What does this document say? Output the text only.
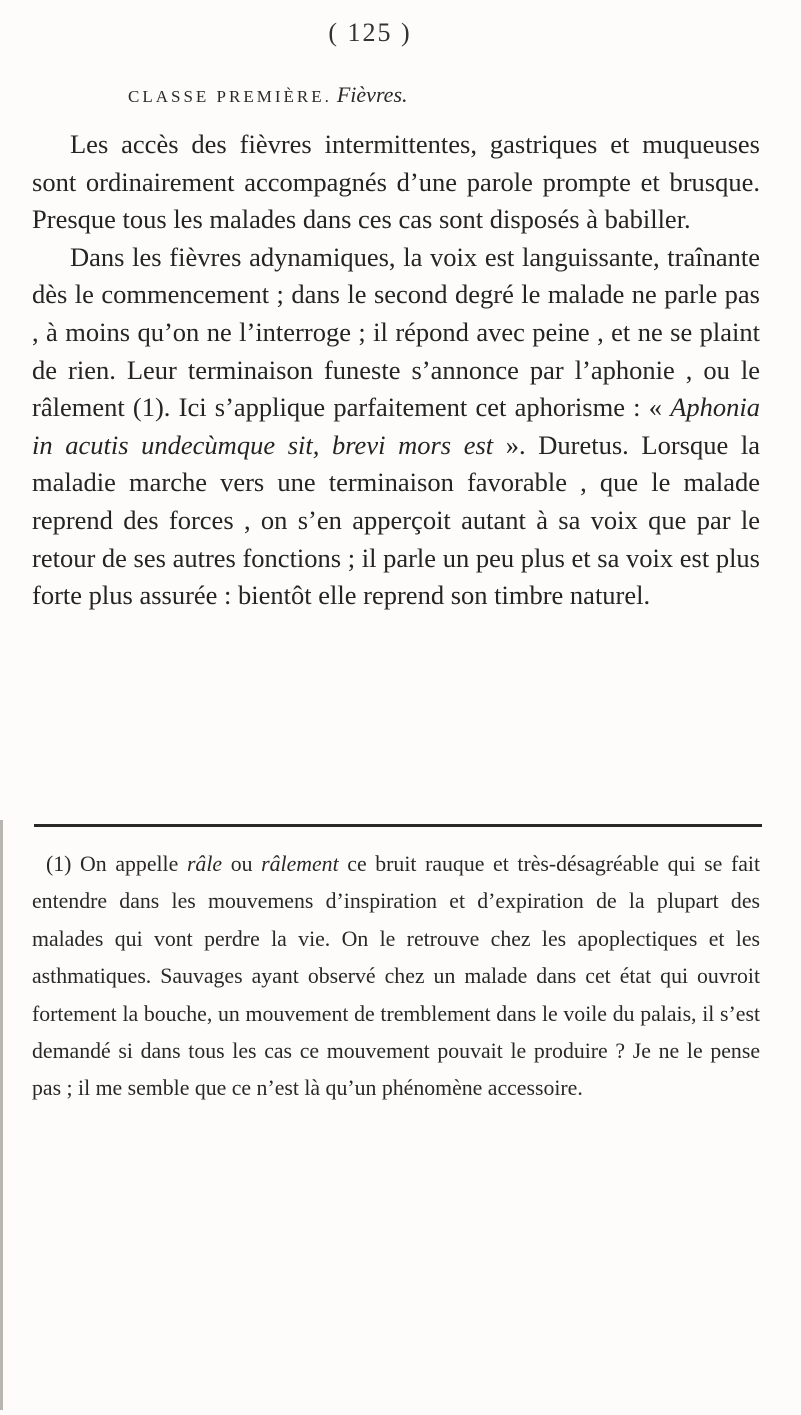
( 125 )
CLASSE PREMIÈRE. Fièvres.

Les accès des fièvres intermittentes, gastriques et muqueuses sont ordinairement accompagnés d’une parole prompte et brusque. Presque tous les malades dans ces cas sont disposés à babiller.

Dans les fièvres adynamiques, la voix est languissante, traînante dès le commencement ; dans le second degré le malade ne parle pas , à moins qu’on ne l’interroge ; il répond avec peine , et ne se plaint de rien. Leur terminaison funeste s’annonce par l’aphonie , ou le râlement (1). Ici s’applique parfaitement cet aphorisme : « Aphonia in acutis undecùmque sit, brevi mors est ». Duretus. Lorsque la maladie marche vers une terminaison favorable , que le malade reprend des forces , on s’en apperçoit autant à sa voix que par le retour de ses autres fonctions ; il parle un peu plus et sa voix est plus forte plus assurée : bientôt elle reprend son timbre naturel.

(1) On appelle râle ou râlement ce bruit rauque et très-désagréable qui se fait entendre dans les mouvemens d’inspiration et d’expiration de la plupart des malades qui vont perdre la vie. On le retrouve chez les apoplectiques et les asthmatiques. Sauvages ayant observé chez un malade dans cet état qui ouvroit fortement la bouche, un mouvement de tremblement dans le voile du palais, il s’est demandé si dans tous les cas ce mouvement pouvait le produire ? Je ne le pense pas ; il me semble que ce n’est là qu’un phénomène accessoire.
